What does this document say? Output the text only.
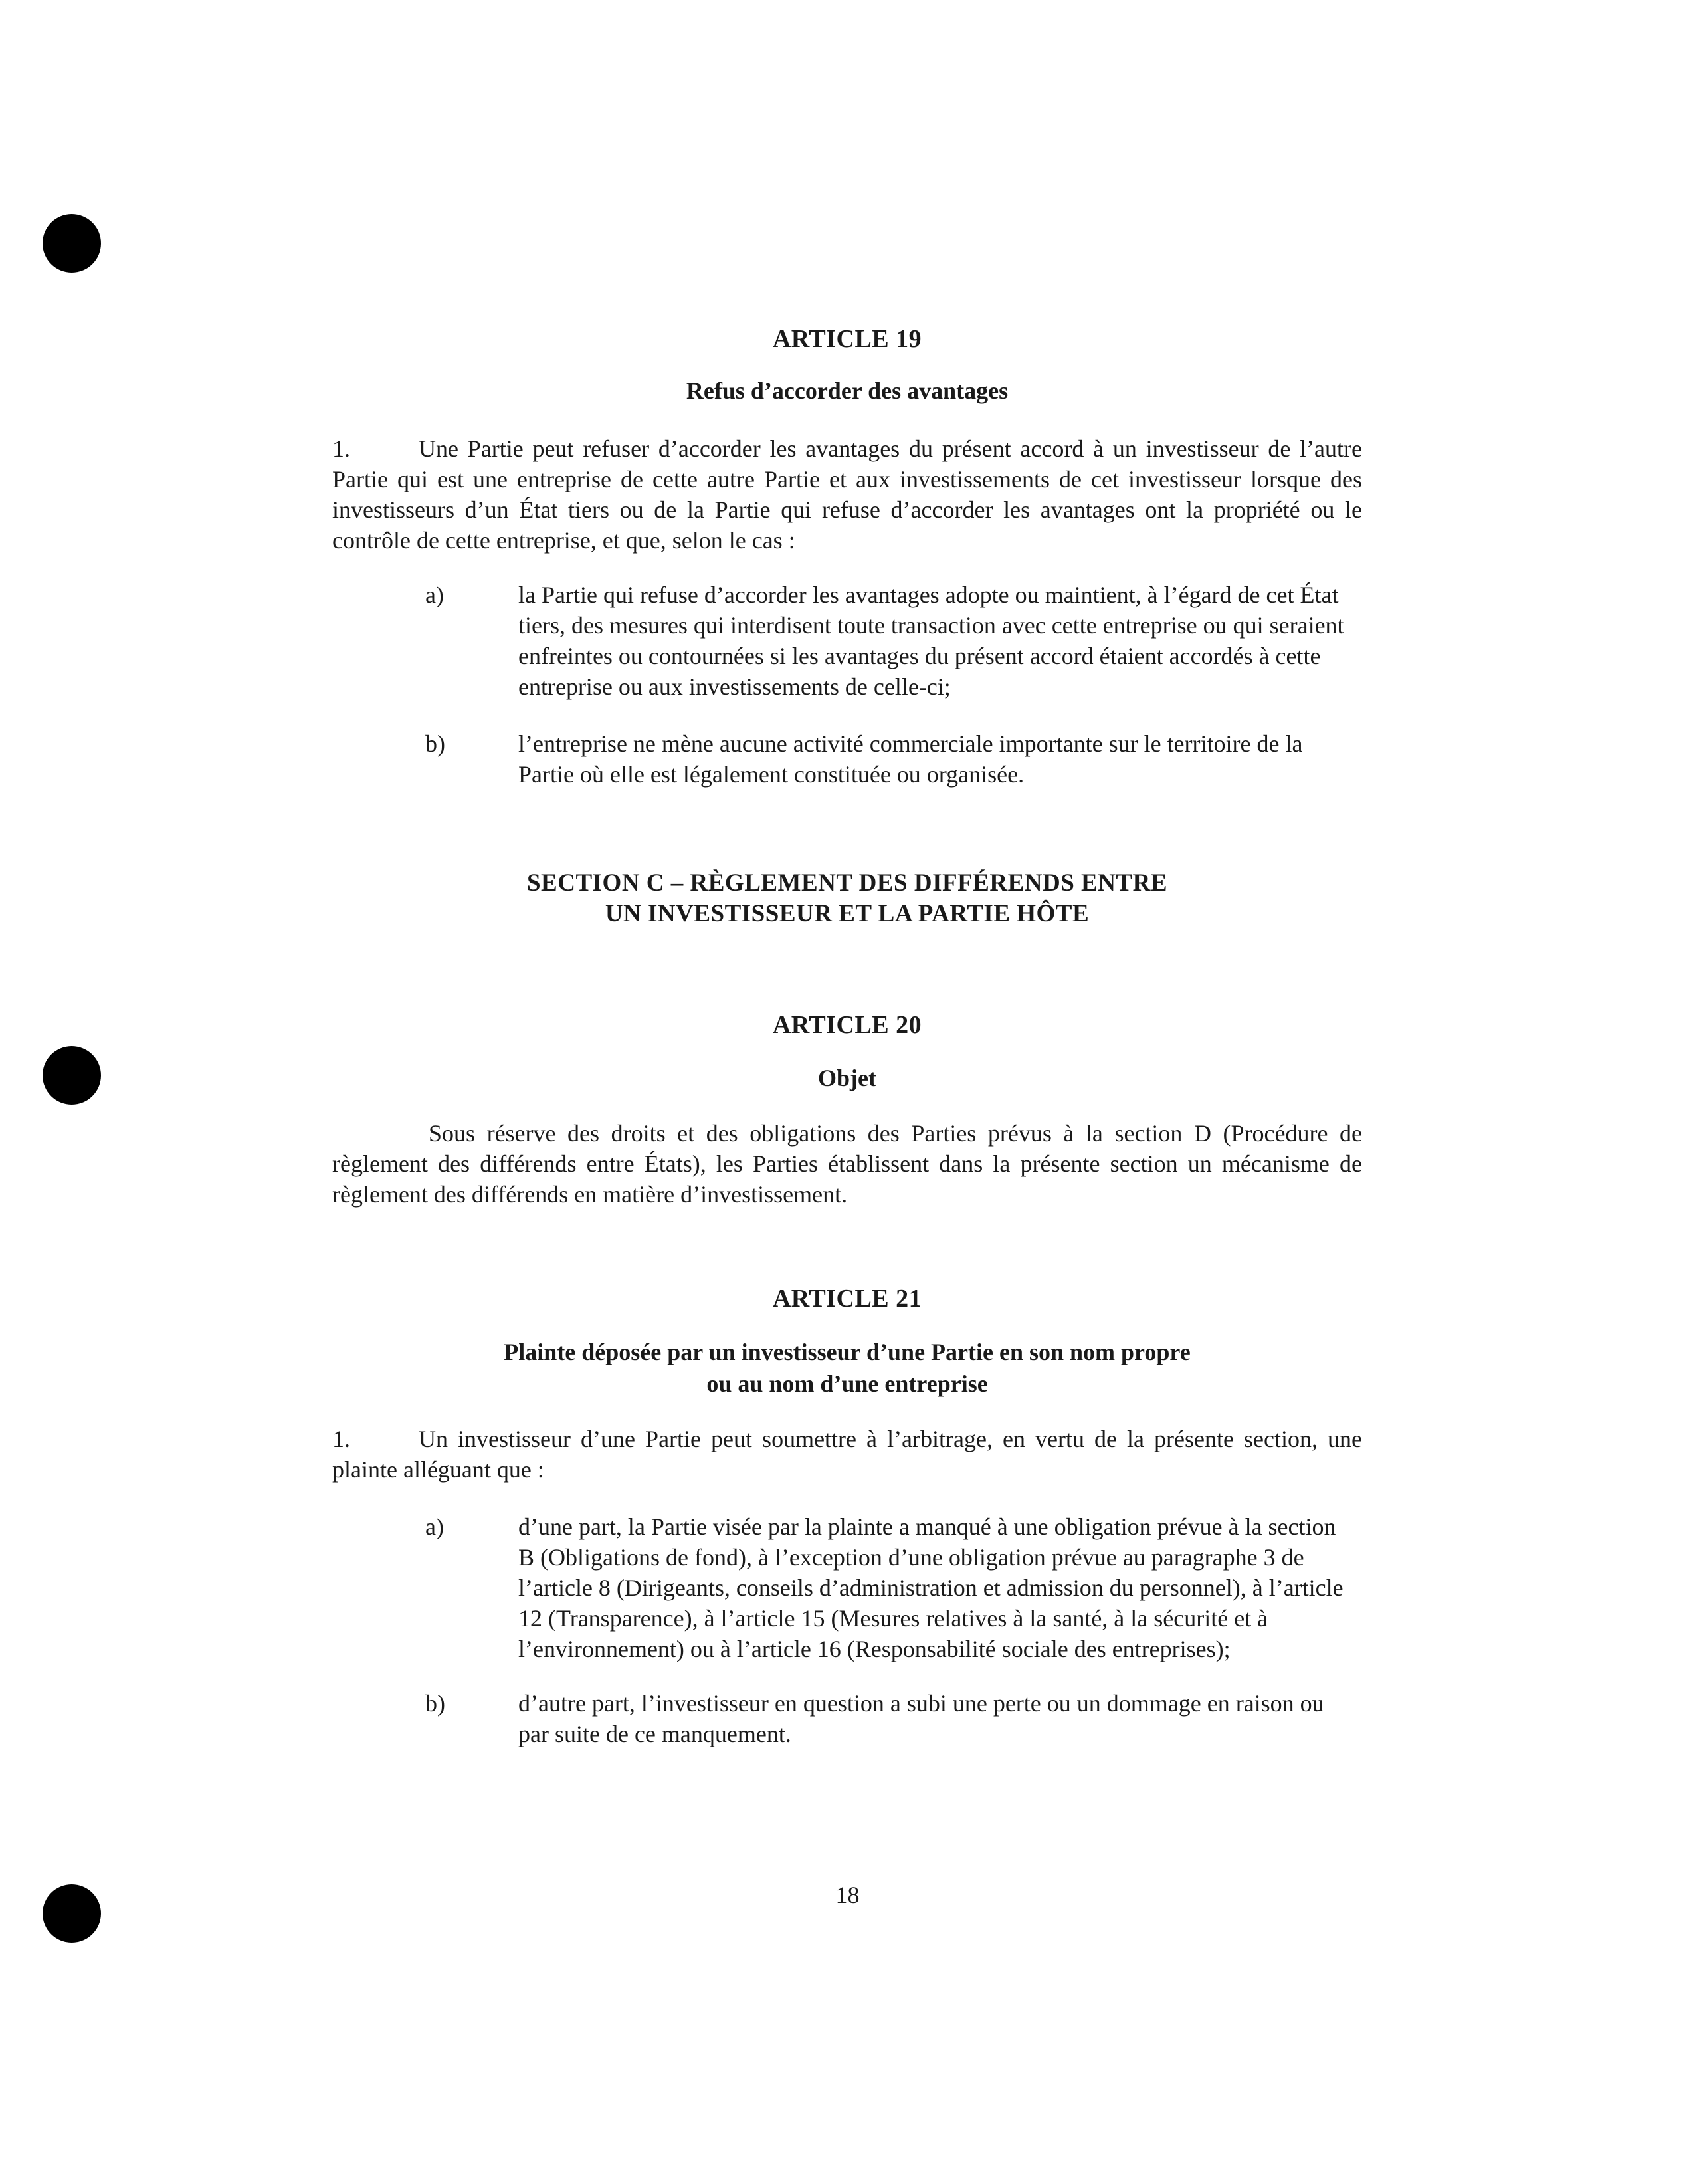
ARTICLE 19

Refus d’accorder des avantages

1.	Une Partie peut refuser d’accorder les avantages du présent accord à un investisseur de l’autre Partie qui est une entreprise de cette autre Partie et aux investissements de cet investisseur lorsque des investisseurs d’un État tiers ou de la Partie qui refuse d’accorder les avantages ont la propriété ou le contrôle de cette entreprise, et que, selon le cas :

a)	la Partie qui refuse d’accorder les avantages adopte ou maintient, à l’égard de cet État tiers, des mesures qui interdisent toute transaction avec cette entreprise ou qui seraient enfreintes ou contournées si les avantages du présent accord étaient accordés à cette entreprise ou aux investissements de celle-ci;
b)	l’entreprise ne mène aucune activité commerciale importante sur le territoire de la Partie où elle est légalement constituée ou organisée.

SECTION C – RÈGLEMENT DES DIFFÉRENDS ENTRE

UN INVESTISSEUR ET LA PARTIE HÔTE

ARTICLE 20

Objet

Sous réserve des droits et des obligations des Parties prévus à la section D (Procédure de règlement des différends entre États), les Parties établissent dans la présente section un mécanisme de règlement des différends en matière d’investissement.

ARTICLE 21

Plainte déposée par un investisseur d’une Partie en son nom propre

ou au nom d’une entreprise

1.	Un investisseur d’une Partie peut soumettre à l’arbitrage, en vertu de la présente section, une plainte alléguant que :

a)	d’une part, la Partie visée par la plainte a manqué à une obligation prévue à la section B (Obligations de fond), à l’exception d’une obligation prévue au paragraphe 3 de l’article 8 (Dirigeants, conseils d’administration et admission du personnel), à l’article 12 (Transparence), à l’article 15 (Mesures relatives à la santé, à la sécurité et à l’environnement) ou à l’article 16 (Responsabilité sociale des entreprises);
b)	d’autre part, l’investisseur en question a subi une perte ou un dommage en raison ou par suite de ce manquement.
18
